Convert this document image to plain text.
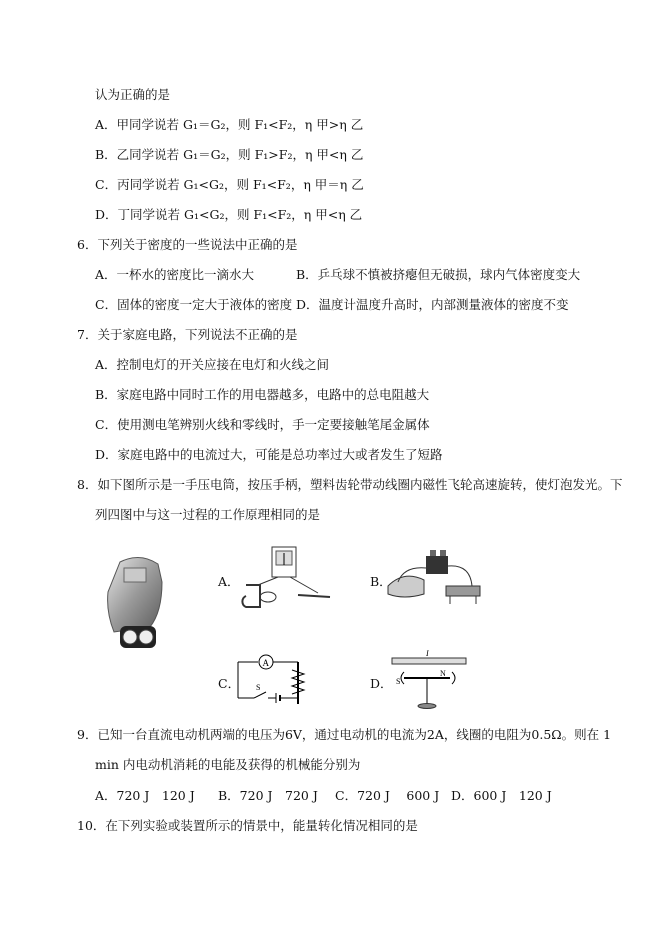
认为正确的是
A．甲同学说若 G₁＝G₂，则 F₁<F₂，η 甲>η 乙
B．乙同学说若 G₁＝G₂，则 F₁>F₂，η 甲<η 乙
C．丙同学说若 G₁<G₂，则 F₁<F₂，η 甲＝η 乙
D．丁同学说若 G₁<G₂，则 F₁<F₂，η 甲<η 乙
6．下列关于密度的一些说法中正确的是
A．一杯水的密度比一滴水大	B．乒乓球不慎被挤瘪但无破损，球内气体密度变大
C．固体的密度一定大于液体的密度 D．温度计温度升高时，内部测量液体的密度不变
7．关于家庭电路，下列说法不正确的是
A．控制电灯的开关应接在电灯和火线之间
B．家庭电路中同时工作的用电器越多，电路中的总电阻越大
C．使用测电笔辨别火线和零线时，手一定要接触笔尾金属体
D．家庭电路中的电流过大，可能是总功率过大或者发生了短路
8．如下图所示是一手压电筒，按压手柄，塑料齿轮带动线圈内磁性飞轮高速旋转，使灯泡发光。下
列四图中与这一过程的工作原理相同的是
A．	B．
C．
A
S	D．
I
S
N
9．已知一台直流电动机两端的电压为6V，通过电动机的电流为2A，线圈的电阻为0.5Ω。则在 1
min 内电动机消耗的电能及获得的机械能分别为
A．720 J　120 J B．720 J　720 J C．720 J　 600 J D．600 J　120 J
10．在下列实验或装置所示的情景中，能量转化情况相同的是
